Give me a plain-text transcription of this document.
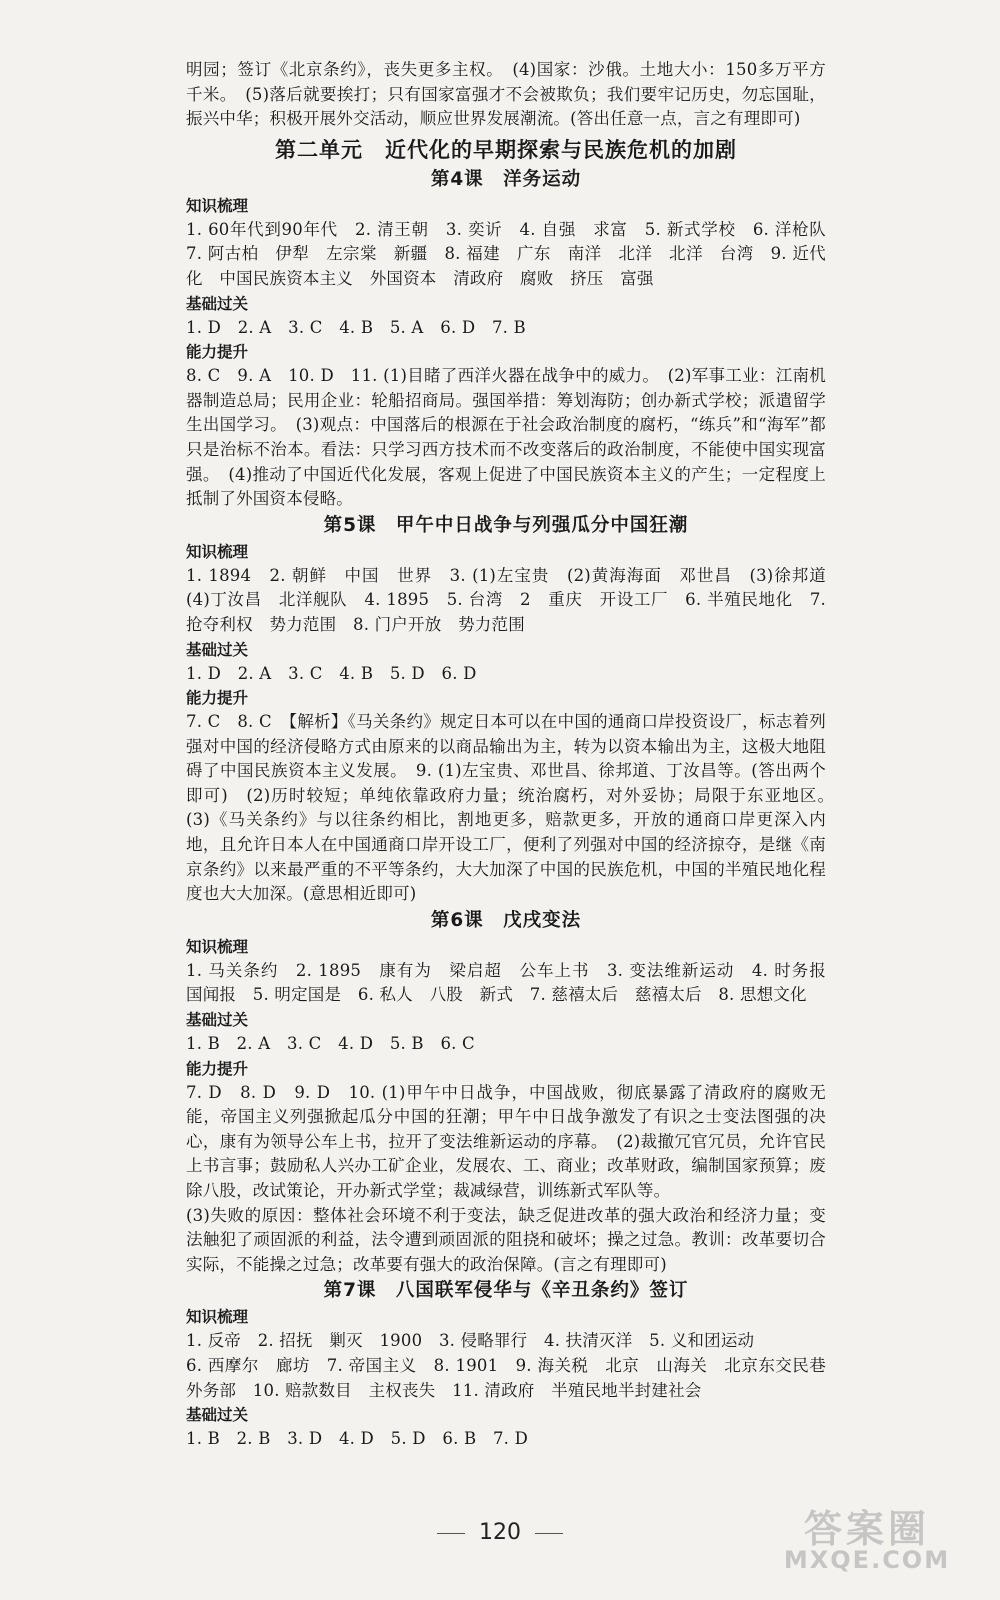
明园；签订《北京条约》，丧失更多主权。　(4)国家：沙俄。土地大小：150多万平方千米。　(5)落后就要挨打；只有国家富强才不会被欺负；我们要牢记历史，勿忘国耻，振兴中华；积极开展外交活动，顺应世界发展潮流。(答出任意一点，言之有理即可)

第二单元　近代化的早期探索与民族危机的加剧
第4课　洋务运动
知识梳理

1. 60年代到90年代　2. 清王朝　3. 奕䜣　4. 自强　求富　5. 新式学校　6. 洋枪队　7. 阿古柏　伊犁　左宗棠　新疆　8. 福建　广东　南洋　北洋　北洋　台湾　9. 近代化　中国民族资本主义　外国资本　清政府　腐败　挤压　富强

基础过关

1. D　2. A　3. C　4. B　5. A　6. D　7. B

能力提升

8. C　9. A　10. D　11. (1)目睹了西洋火器在战争中的威力。　(2)军事工业：江南机器制造总局；民用企业：轮船招商局。强国举措：筹划海防；创办新式学校；派遣留学生出国学习。　(3)观点：中国落后的根源在于社会政治制度的腐朽，“练兵”和“海军”都只是治标不治本。看法：只学习西方技术而不改变落后的政治制度，不能使中国实现富强。　(4)推动了中国近代化发展，客观上促进了中国民族资本主义的产生；一定程度上抵制了外国资本侵略。

第5课　甲午中日战争与列强瓜分中国狂潮
知识梳理

1. 1894　2. 朝鲜　中国　世界　3. (1)左宝贵　(2)黄海海面　邓世昌　(3)徐邦道　(4)丁汝昌　北洋舰队　4. 1895　5. 台湾　2　重庆　开设工厂　6. 半殖民地化　7. 抢夺利权　势力范围　8. 门户开放　势力范围

基础过关

1. D　2. A　3. C　4. B　5. D　6. D

能力提升

7. C　8. C　【解析】《马关条约》规定日本可以在中国的通商口岸投资设厂，标志着列强对中国的经济侵略方式由原来的以商品输出为主，转为以资本输出为主，这极大地阻碍了中国民族资本主义发展。　9. (1)左宝贵、邓世昌、徐邦道、丁汝昌等。(答出两个即可)　(2)历时较短；单纯依靠政府力量；统治腐朽，对外妥协；局限于东亚地区。　(3)《马关条约》与以往条约相比，割地更多，赔款更多，开放的通商口岸更深入内地，且允许日本人在中国通商口岸开设工厂，便利了列强对中国的经济掠夺，是继《南京条约》以来最严重的不平等条约，大大加深了中国的民族危机，中国的半殖民地化程度也大大加深。(意思相近即可)

第6课　戊戌变法
知识梳理

1. 马关条约　2. 1895　康有为　梁启超　公车上书　3. 变法维新运动　4. 时务报　国闻报　5. 明定国是　6. 私人　八股　新式　7. 慈禧太后　慈禧太后　8. 思想文化

基础过关

1. B　2. A　3. C　4. D　5. B　6. C

能力提升

7. D　8. D　9. D　10. (1)甲午中日战争，中国战败，彻底暴露了清政府的腐败无能，帝国主义列强掀起瓜分中国的狂潮；甲午中日战争激发了有识之士变法图强的决心，康有为领导公车上书，拉开了变法维新运动的序幕。　(2)裁撤冗官冗员，允许官民上书言事；鼓励私人兴办工矿企业，发展农、工、商业；改革财政，编制国家预算；废除八股，改试策论，开办新式学堂；裁减绿营，训练新式军队等。

(3)失败的原因：整体社会环境不利于变法，缺乏促进改革的强大政治和经济力量；变法触犯了顽固派的利益，法令遭到顽固派的阻挠和破坏；操之过急。教训：改革要切合实际，不能操之过急；改革要有强大的政治保障。(言之有理即可)

第7课　八国联军侵华与《辛丑条约》签订
知识梳理

1. 反帝　2. 招抚　剿灭　1900　3. 侵略罪行　4. 扶清灭洋　5. 义和团运动

6. 西摩尔　廊坊　7. 帝国主义　8. 1901　9. 海关税　北京　山海关　北京东交民巷　外务部　10. 赔款数目　主权丧失　11. 清政府　半殖民地半封建社会

基础过关

1. B　2. B　3. D　4. D　5. D　6. B　7. D

120	答案圈
MXQE.COM
